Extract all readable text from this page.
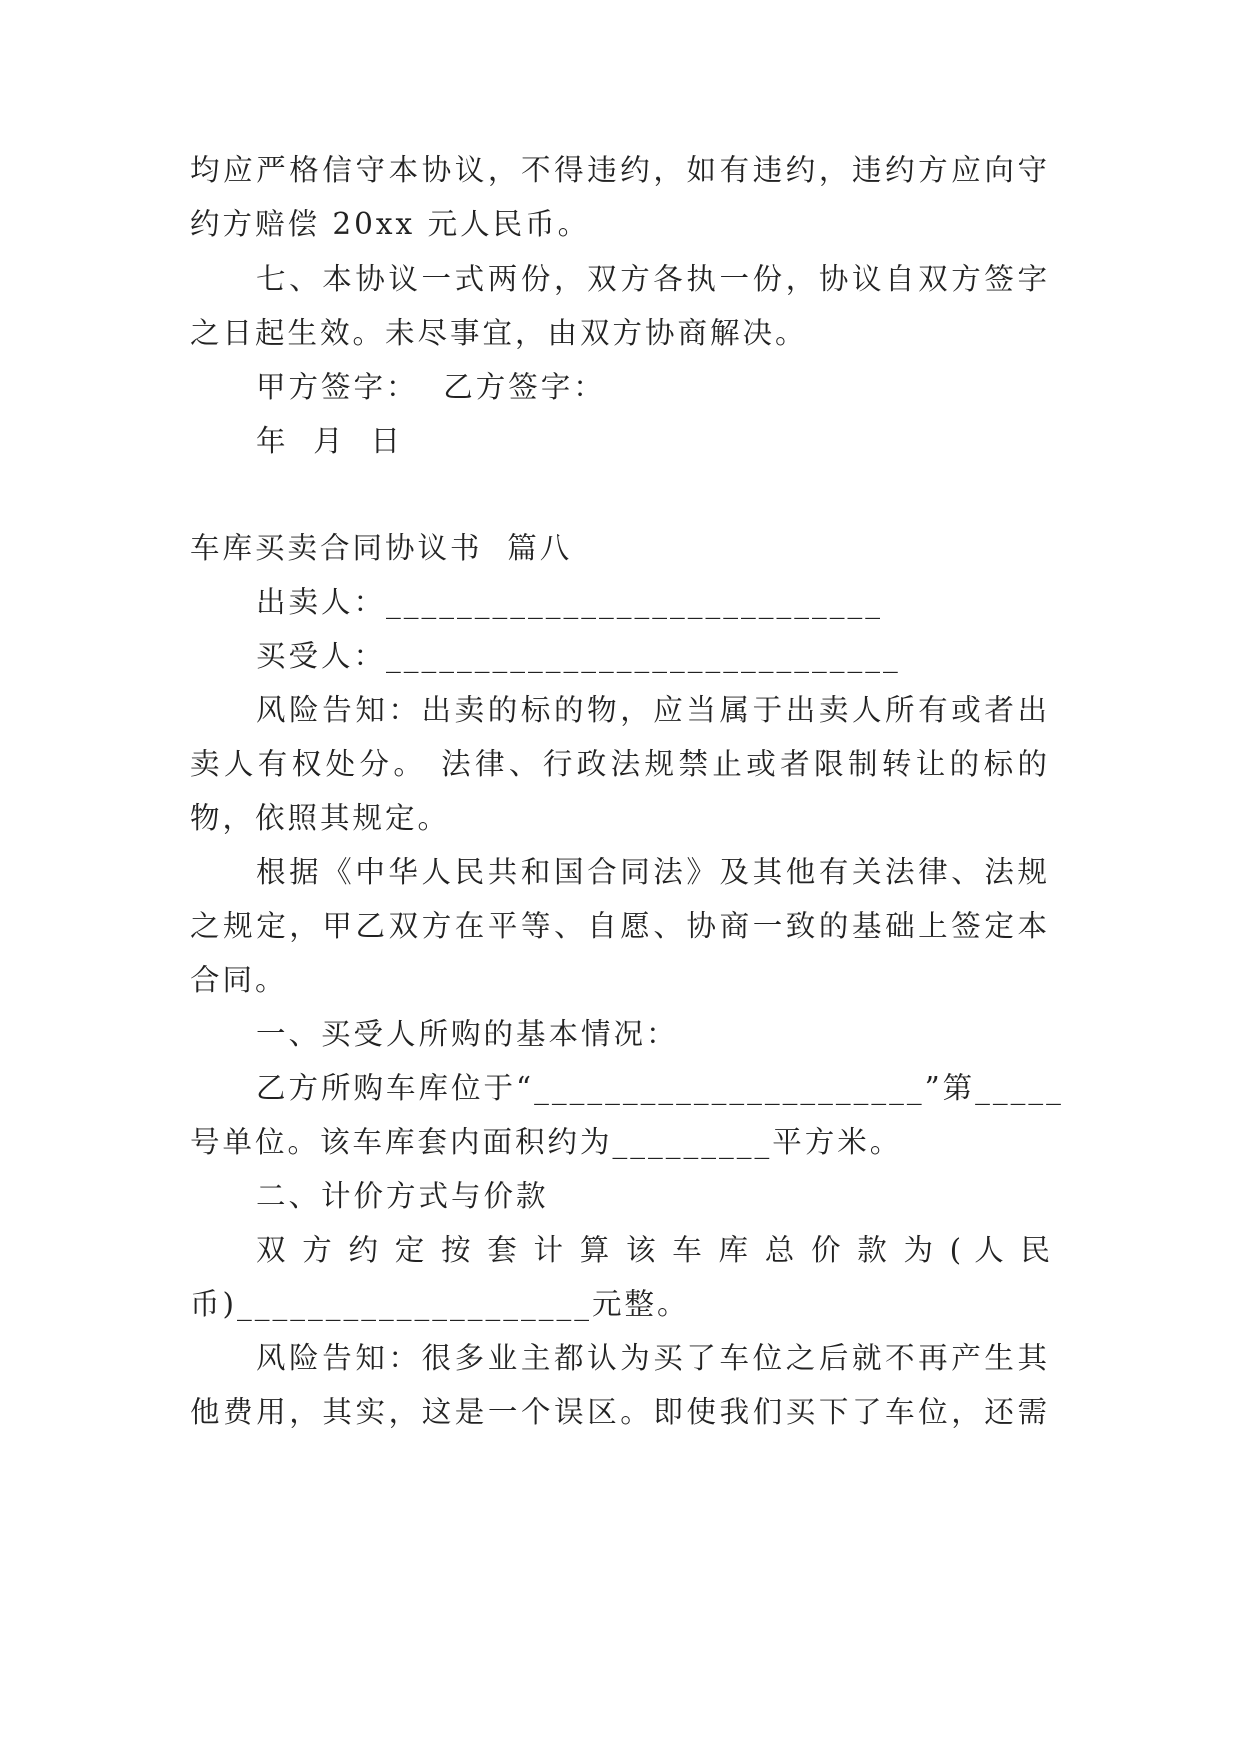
均应严格信守本协议，不得违约，如有违约，违约方应向守
约方赔偿 20xx 元人民币。
七、本协议一式两份，双方各执一份，协议自双方签字
之日起生效。未尽事宜，由双方协商解决。
甲方签字：  乙方签字：
年  月  日
车库买卖合同协议书  篇八
出卖人：____________________________
买受人：_____________________________
风险告知：出卖的标的物，应当属于出卖人所有或者出
卖人有权处分。 法律、行政法规禁止或者限制转让的标的
物，依照其规定。
根据《中华人民共和国合同法》及其他有关法律、法规
之规定，甲乙双方在平等、自愿、协商一致的基础上签定本
合同。
一、买受人所购的基本情况：
乙方所购车库位于“______________________”第_____
号单位。该车库套内面积约为_________平方米。
二、计价方式与价款
双 方 约 定 按 套 计 算 该 车 库 总 价 款 为 ( 人 民
币)____________________元整。
风险告知：很多业主都认为买了车位之后就不再产生其
他费用，其实，这是一个误区。即使我们买下了车位，还需
